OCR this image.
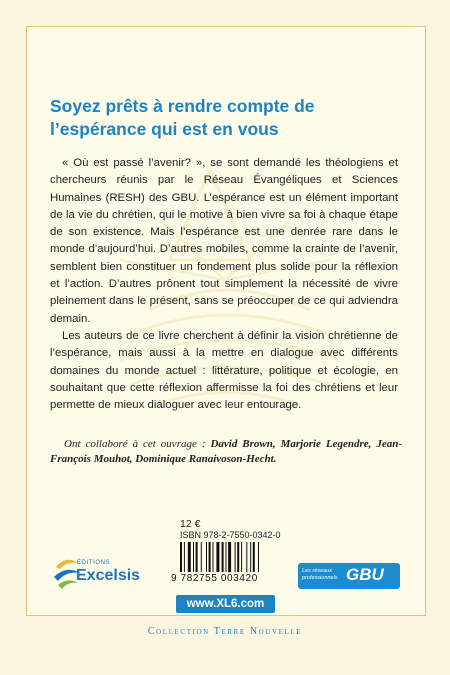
Soyez prêts à rendre compte de l’espérance qui est en vous

« Où est passé l’avenir? », se sont demandé les théologiens et chercheurs réunis par le Réseau Évangéliques et Sciences Humaines (RESH) des GBU. L’espérance est un élément important de la vie du chrétien, qui le motive à bien vivre sa foi à chaque étape de son existence. Mais l’espérance est une denrée rare dans le monde d’aujourd’hui. D’autres mobiles, comme la crainte de l’avenir, semblent bien constituer un fondement plus solide pour la réflexion et l’action. D’autres prônent tout simplement la nécessité de vivre pleinement dans le présent, sans se préoccuper de ce qui adviendra demain.

Les auteurs de ce livre cherchent à définir la vision chrétienne de l’espérance, mais aussi à la mettre en dialogue avec différents domaines du monde actuel : littérature, politique et écologie, en souhaitant que cette réflexion affermisse la foi des chrétiens et leur permette de mieux dialoguer avec leur entourage.

Ont collaboré à cet ouvrage : David Brown, Marjorie Legendre, Jean-François Mouhot, Dominique Ranaivoson-Hecht.

12 €
ISBN 978-2-7550-0342-0
9 782755 003420
ÉDITIONS
Excelsis	Les réseaux professionnels GBU
www.XL6.com
Collection Terre Nouvelle
